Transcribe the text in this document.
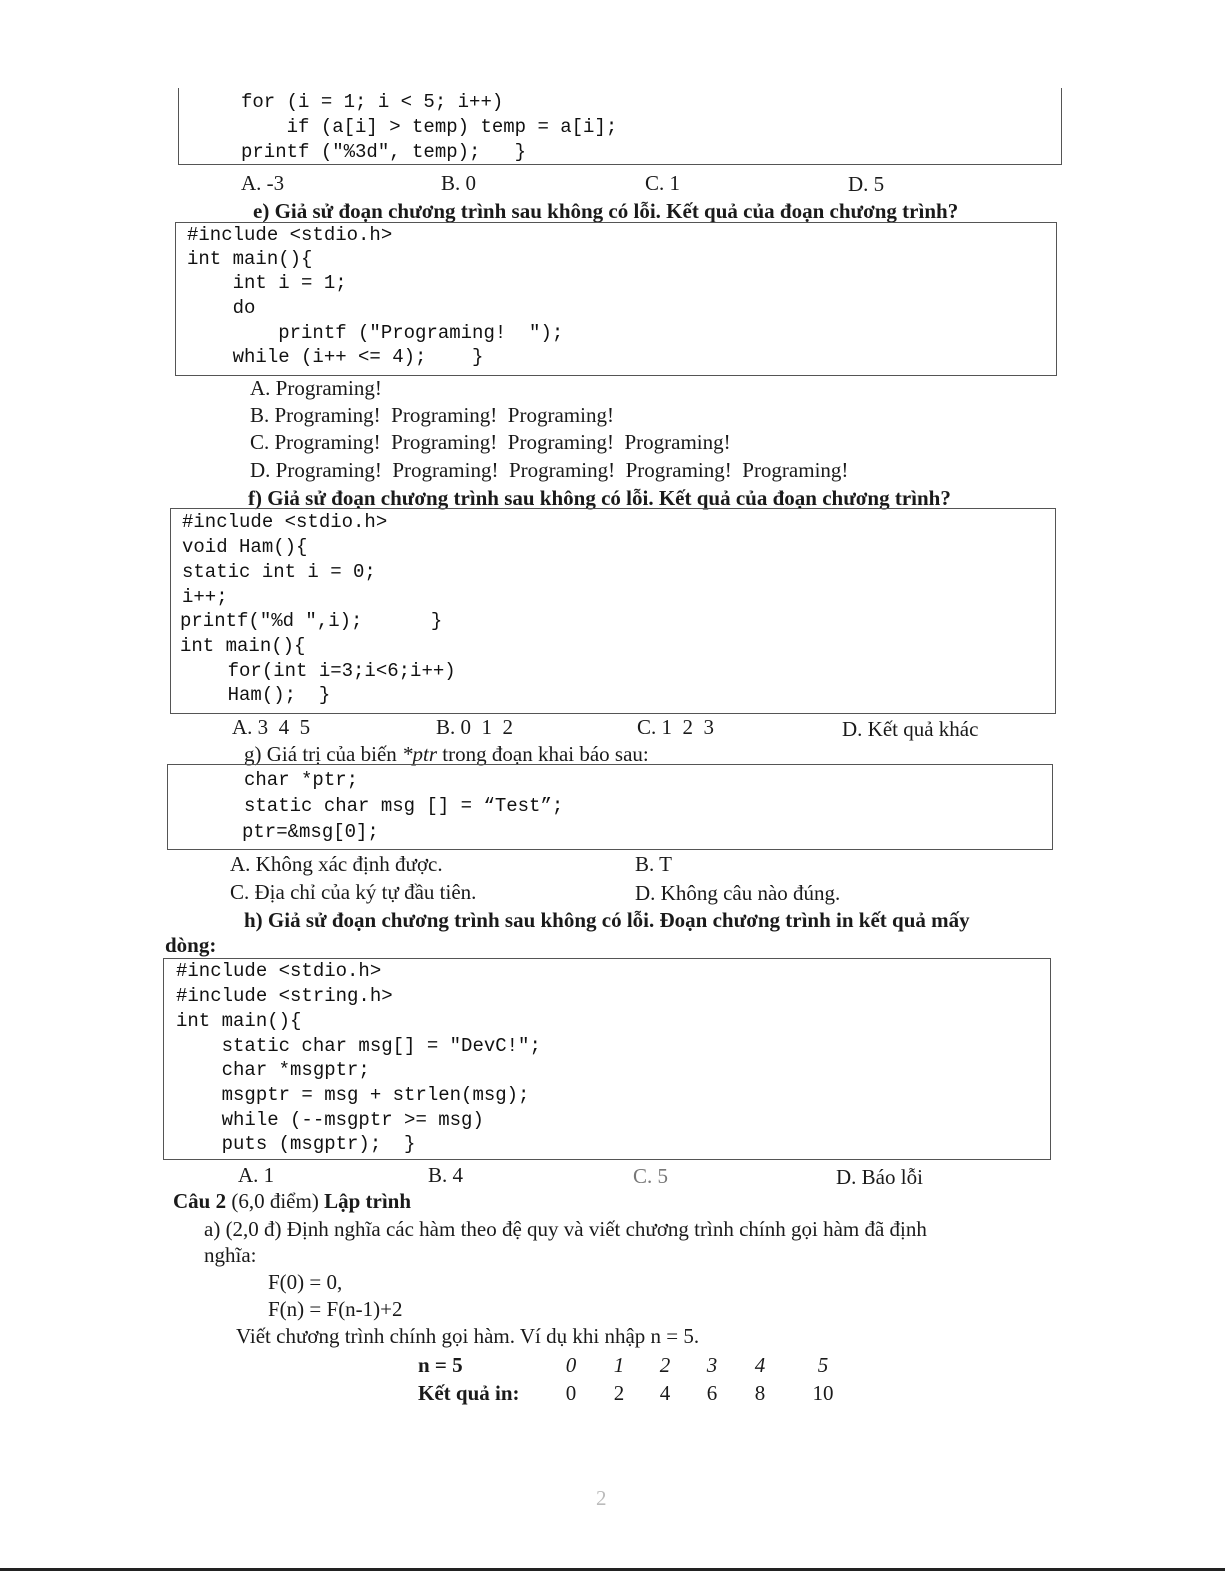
for (i = 1; i < 5; i++)
if (a[i] > temp) temp = a[i];
printf ("%3d", temp);   }
A. -3	B. 0	C. 1	D. 5
e) Giả sử đoạn chương trình sau không có lỗi. Kết quả của đoạn chương trình?
#include <stdio.h>
int main(){
int i = 1;
do
printf ("Programing!  ");
while (i++ <= 4);    }
A. Programing!
B. Programing!  Programing!  Programing!
C. Programing!  Programing!  Programing!  Programing!
D. Programing!  Programing!  Programing!  Programing!  Programing!
f) Giả sử đoạn chương trình sau không có lỗi. Kết quả của đoạn chương trình?
#include <stdio.h>
void Ham(){
static int i = 0;
i++;
printf("%d ",i);      }
int main(){
for(int i=3;i<6;i++)
Ham();  }
A. 3  4  5	B. 0  1  2	C. 1  2  3	D. Kết quả khác
g) Giá trị của biến *ptr trong đoạn khai báo sau:
char *ptr;
static char msg [] = “Test”;
ptr=&msg[0];
A. Không xác định được.	B. T
C. Địa chỉ của ký tự đầu tiên.	D. Không câu nào đúng.
h) Giả sử đoạn chương trình sau không có lỗi. Đoạn chương trình in kết quả mấy
dòng:
#include <stdio.h>
#include <string.h>
int main(){
static char msg[] = "DevC!";
char *msgptr;
msgptr = msg + strlen(msg);
while (--msgptr >= msg)
puts (msgptr);  }
A. 1	B. 4	C. 5	D. Báo lỗi
Câu 2 (6,0 điểm) Lập trình
a) (2,0 đ) Định nghĩa các hàm theo đệ quy và viết chương trình chính gọi hàm đã định
nghĩa:
F(0) = 0,
F(n) = F(n-1)+2
Viết chương trình chính gọi hàm. Ví dụ khi nhập n = 5.
n = 5	0	1	2	3	4	5
Kết quả in:	0	2	4	6	8	10
2
